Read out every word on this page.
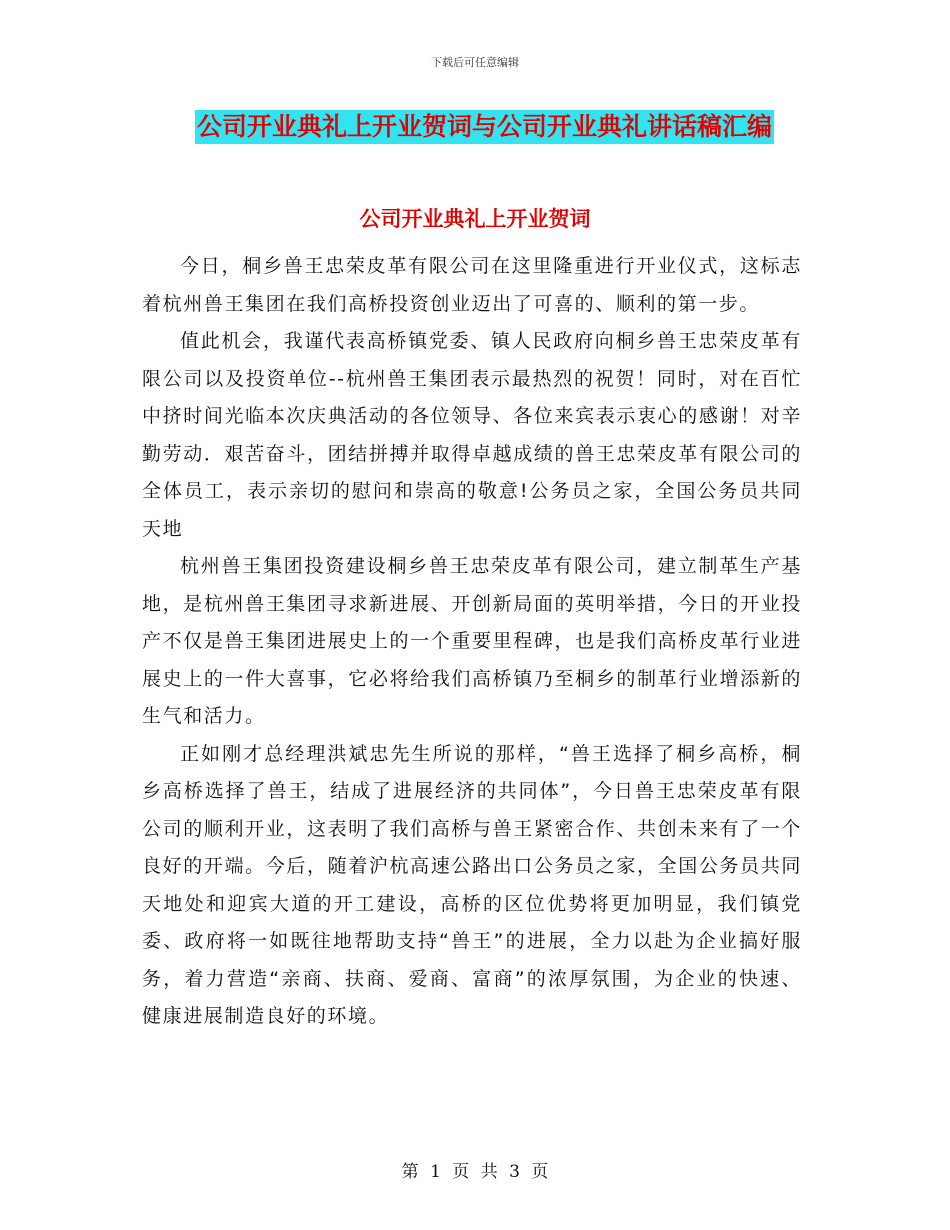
下载后可任意编辑
公司开业典礼上开业贺词与公司开业典礼讲话稿汇编
公司开业典礼上开业贺词

今日，桐乡兽王忠荣皮革有限公司在这里隆重进行开业仪式，这标志着杭州兽王集团在我们高桥投资创业迈出了可喜的、顺利的第一步。

值此机会，我谨代表高桥镇党委、镇人民政府向桐乡兽王忠荣皮革有限公司以及投资单位--杭州兽王集团表示最热烈的祝贺！同时，对在百忙中挤时间光临本次庆典活动的各位领导、各位来宾表示衷心的感谢！对辛勤劳动．艰苦奋斗，团结拼搏并取得卓越成绩的兽王忠荣皮革有限公司的全体员工，表示亲切的慰问和崇高的敬意!公务员之家，全国公务员共同天地

杭州兽王集团投资建设桐乡兽王忠荣皮革有限公司，建立制革生产基地，是杭州兽王集团寻求新进展、开创新局面的英明举措，今日的开业投产不仅是兽王集团进展史上的一个重要里程碑，也是我们高桥皮革行业进展史上的一件大喜事，它必将给我们高桥镇乃至桐乡的制革行业增添新的生气和活力。

正如刚才总经理洪斌忠先生所说的那样，“兽王选择了桐乡高桥，桐乡高桥选择了兽王，结成了进展经济的共同体”，今日兽王忠荣皮革有限公司的顺利开业，这表明了我们高桥与兽王紧密合作、共创未来有了一个良好的开端。今后，随着沪杭高速公路出口公务员之家，全国公务员共同天地处和迎宾大道的开工建设，高桥的区位优势将更加明显，我们镇党委、政府将一如既往地帮助支持“兽王”的进展，全力以赴为企业搞好服务，着力营造“亲商、扶商、爱商、富商”的浓厚氛围，为企业的快速、健康进展制造良好的环境。

第 1 页 共 3 页
